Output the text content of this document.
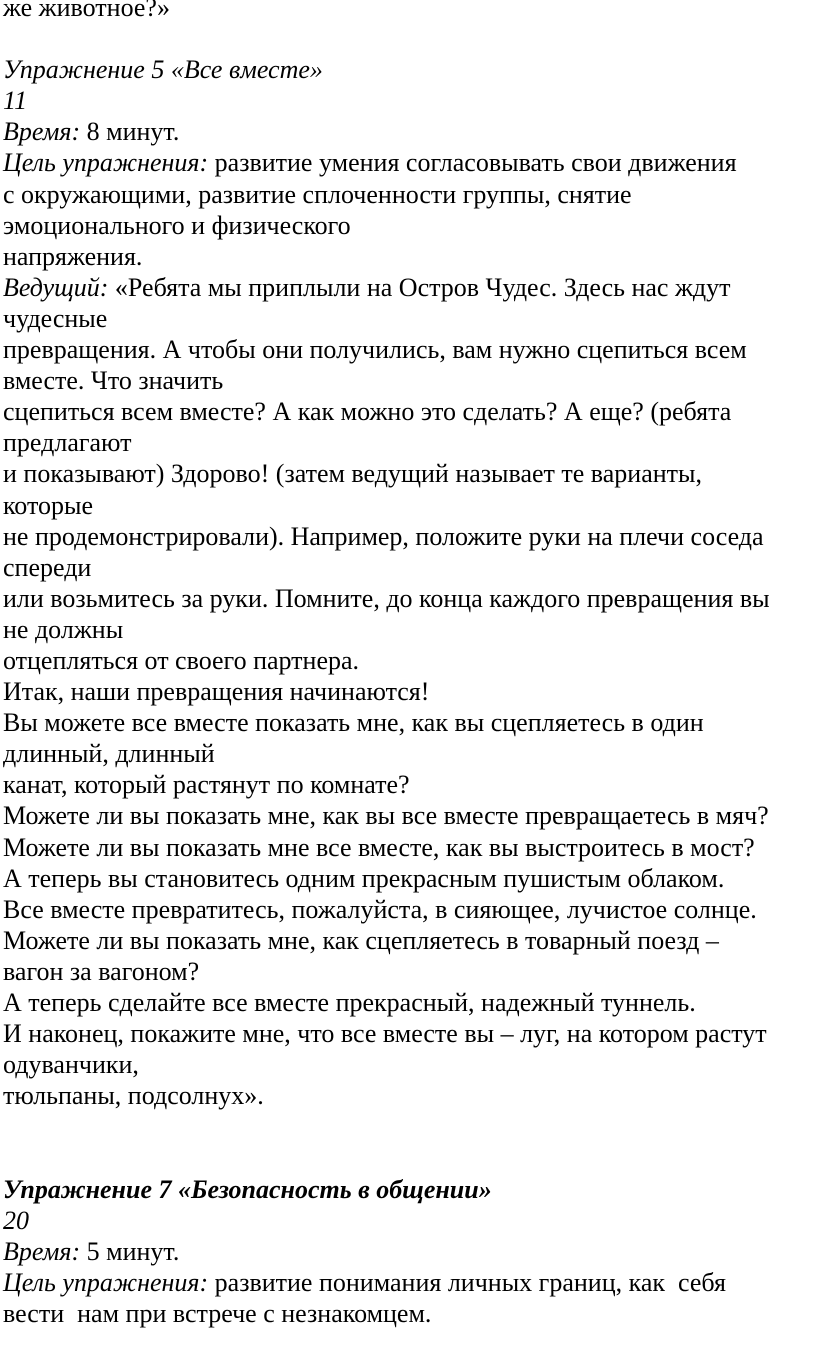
же животное?»
Упражнение 5 «Все вместе»
11
Время: 8 минут.
Цель упражнения: развитие умения согласовывать свои движения
с окружающими, развитие сплоченности группы, снятие
эмоционального и физического
напряжения.
Ведущий: «Ребята мы приплыли на Остров Чудес. Здесь нас ждут
чудесные
превращения. А чтобы они получились, вам нужно сцепиться всем
вместе. Что значить
сцепиться всем вместе? А как можно это сделать? А еще? (ребята
предлагают
и показывают) Здорово! (затем ведущий называет те варианты,
которые
не продемонстрировали). Например, положите руки на плечи соседа
спереди
или возьмитесь за руки. Помните, до конца каждого превращения вы
не должны
отцепляться от своего партнера.
Итак, наши превращения начинаются!
Вы можете все вместе показать мне, как вы сцепляетесь в один
длинный, длинный
канат, который растянут по комнате?
Можете ли вы показать мне, как вы все вместе превращаетесь в мяч?
Можете ли вы показать мне все вместе, как вы выстроитесь в мост?
А теперь вы становитесь одним прекрасным пушистым облаком.
Все вместе превратитесь, пожалуйста, в сияющее, лучистое солнце.
Можете ли вы показать мне, как сцепляетесь в товарный поезд –
вагон за вагоном?
А теперь сделайте все вместе прекрасный, надежный туннель.
И наконец, покажите мне, что все вместе вы – луг, на котором растут
одуванчики,
тюльпаны, подсолнух».
Упражнение 7 «Безопасность в общении»
20
Время: 5 минут.
Цель упражнения: развитие понимания личных границ, как  себя
вести  нам при встрече с незнакомцем.
